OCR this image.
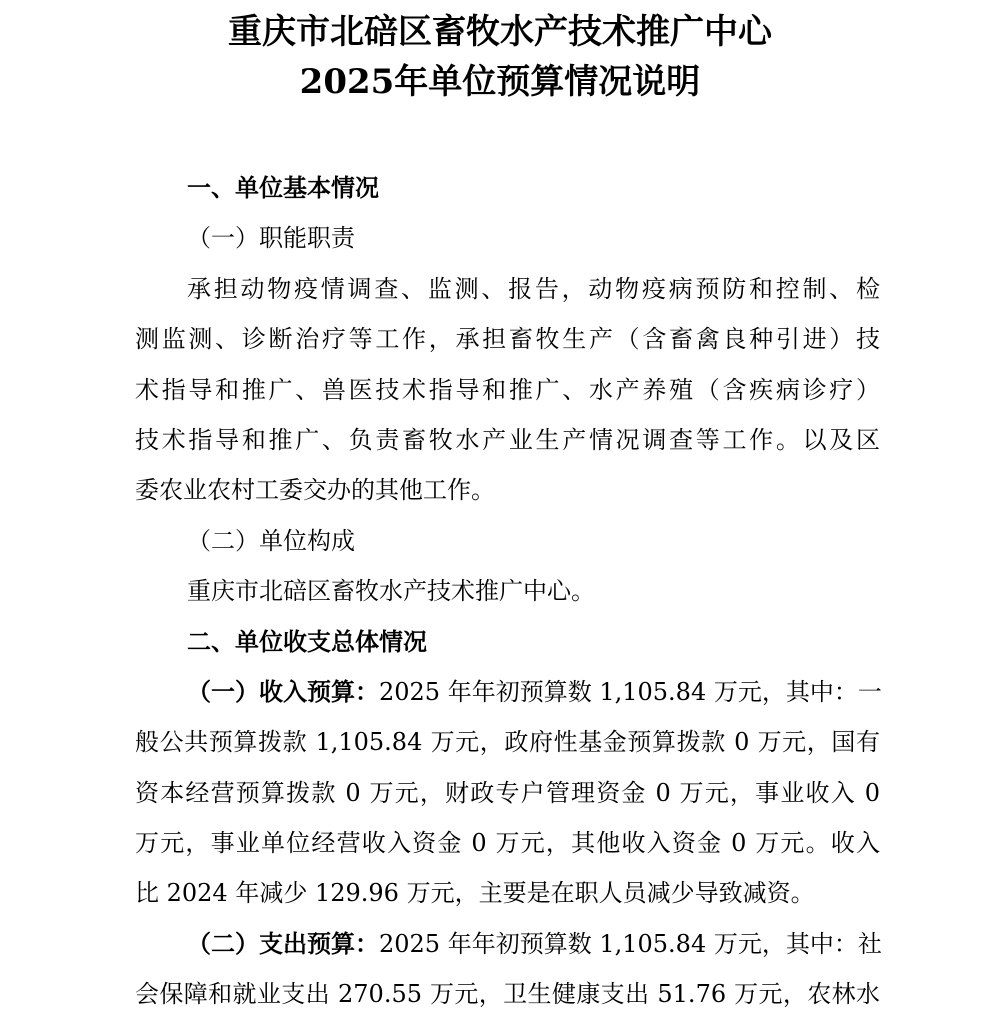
重庆市北碚区畜牧水产技术推广中心
2025年单位预算情况说明
一、单位基本情况
（一）职能职责
承担动物疫情调查、监测、报告，动物疫病预防和控制、检
测监测、诊断治疗等工作，承担畜牧生产（含畜禽良种引进）技
术指导和推广、兽医技术指导和推广、水产养殖（含疾病诊疗）
技术指导和推广、负责畜牧水产业生产情况调查等工作。以及区
委农业农村工委交办的其他工作。
（二）单位构成
重庆市北碚区畜牧水产技术推广中心。
二、单位收支总体情况
（一）收入预算：2025 年年初预算数 1,105.84 万元，其中：一
般公共预算拨款 1,105.84 万元，政府性基金预算拨款 0 万元，国有
资本经营预算拨款 0 万元，财政专户管理资金 0 万元，事业收入 0
万元，事业单位经营收入资金 0 万元，其他收入资金 0 万元。收入
比 2024 年减少 129.96 万元，主要是在职人员减少导致减资。
（二）支出预算：2025 年年初预算数 1,105.84 万元，其中：社
会保障和就业支出 270.55 万元，卫生健康支出 51.76 万元，农林水
